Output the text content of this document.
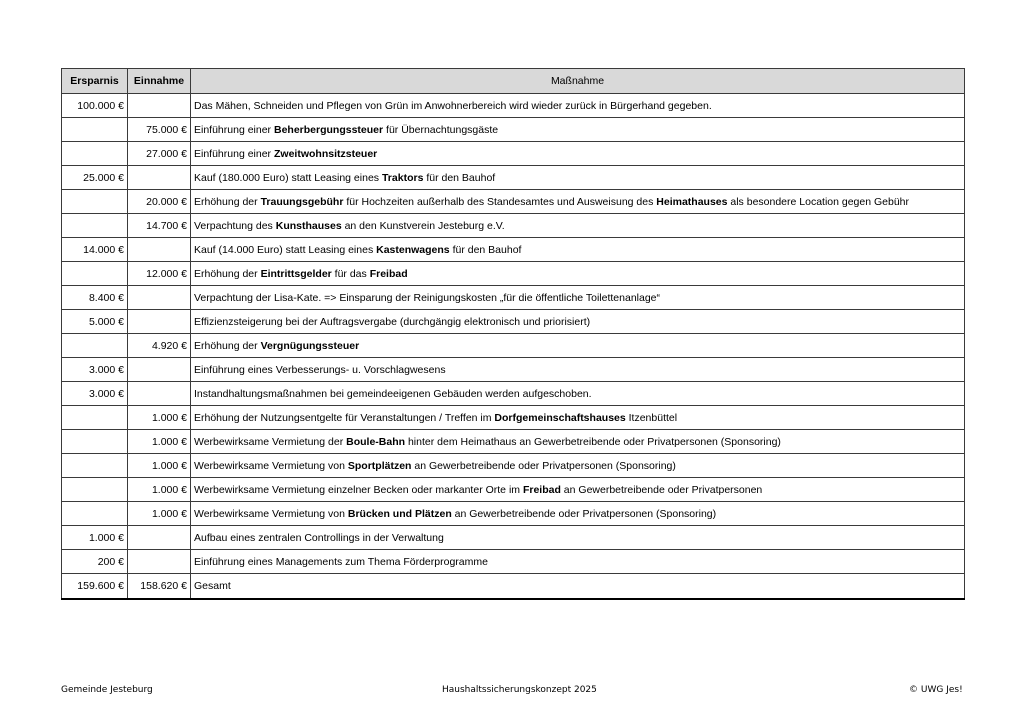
Ersparnis	Einnahme	Maßnahme
100.000 €		Das Mähen, Schneiden und Pflegen von Grün im Anwohnerbereich wird wieder zurück in Bürgerhand gegeben.
	75.000 €	Einführung einer Beherbergungssteuer für Übernachtungsgäste
	27.000 €	Einführung einer Zweitwohnsitzsteuer
25.000 €		Kauf (180.000 Euro) statt Leasing eines Traktors für den Bauhof
	20.000 €	Erhöhung der Trauungsgebühr für Hochzeiten außerhalb des Standesamtes und Ausweisung des Heimathauses als besondere Location gegen Gebühr
	14.700 €	Verpachtung des Kunsthauses an den Kunstverein Jesteburg e.V.
14.000 €		Kauf (14.000 Euro) statt Leasing eines Kastenwagens für den Bauhof
	12.000 €	Erhöhung der Eintrittsgelder für das Freibad
8.400 €		Verpachtung der Lisa-Kate. => Einsparung der Reinigungskosten „für die öffentliche Toilettenanlage“
5.000 €		Effizienzsteigerung bei der Auftragsvergabe (durchgängig elektronisch und priorisiert)
	4.920 €	Erhöhung der Vergnügungssteuer
3.000 €		Einführung eines Verbesserungs- u. Vorschlagwesens
3.000 €		Instandhaltungsmaßnahmen bei gemeindeeigenen Gebäuden werden aufgeschoben.
	1.000 €	Erhöhung der Nutzungsentgelte für Veranstaltungen / Treffen im Dorfgemeinschaftshauses Itzenbüttel
	1.000 €	Werbewirksame Vermietung der Boule-Bahn hinter dem Heimathaus an Gewerbetreibende oder Privatpersonen (Sponsoring)
	1.000 €	Werbewirksame Vermietung von Sportplätzen an Gewerbetreibende oder Privatpersonen (Sponsoring)
	1.000 €	Werbewirksame Vermietung einzelner Becken oder markanter Orte im Freibad an Gewerbetreibende oder Privatpersonen
	1.000 €	Werbewirksame Vermietung von Brücken und Plätzen an Gewerbetreibende oder Privatpersonen (Sponsoring)
1.000 €		Aufbau eines zentralen Controllings in der Verwaltung
200 €		Einführung eines Managements zum Thema Förderprogramme
159.600 €	158.620 €	Gesamt
Gemeinde Jesteburg	Haushaltssicherungskonzept 2025	© UWG Jes!
